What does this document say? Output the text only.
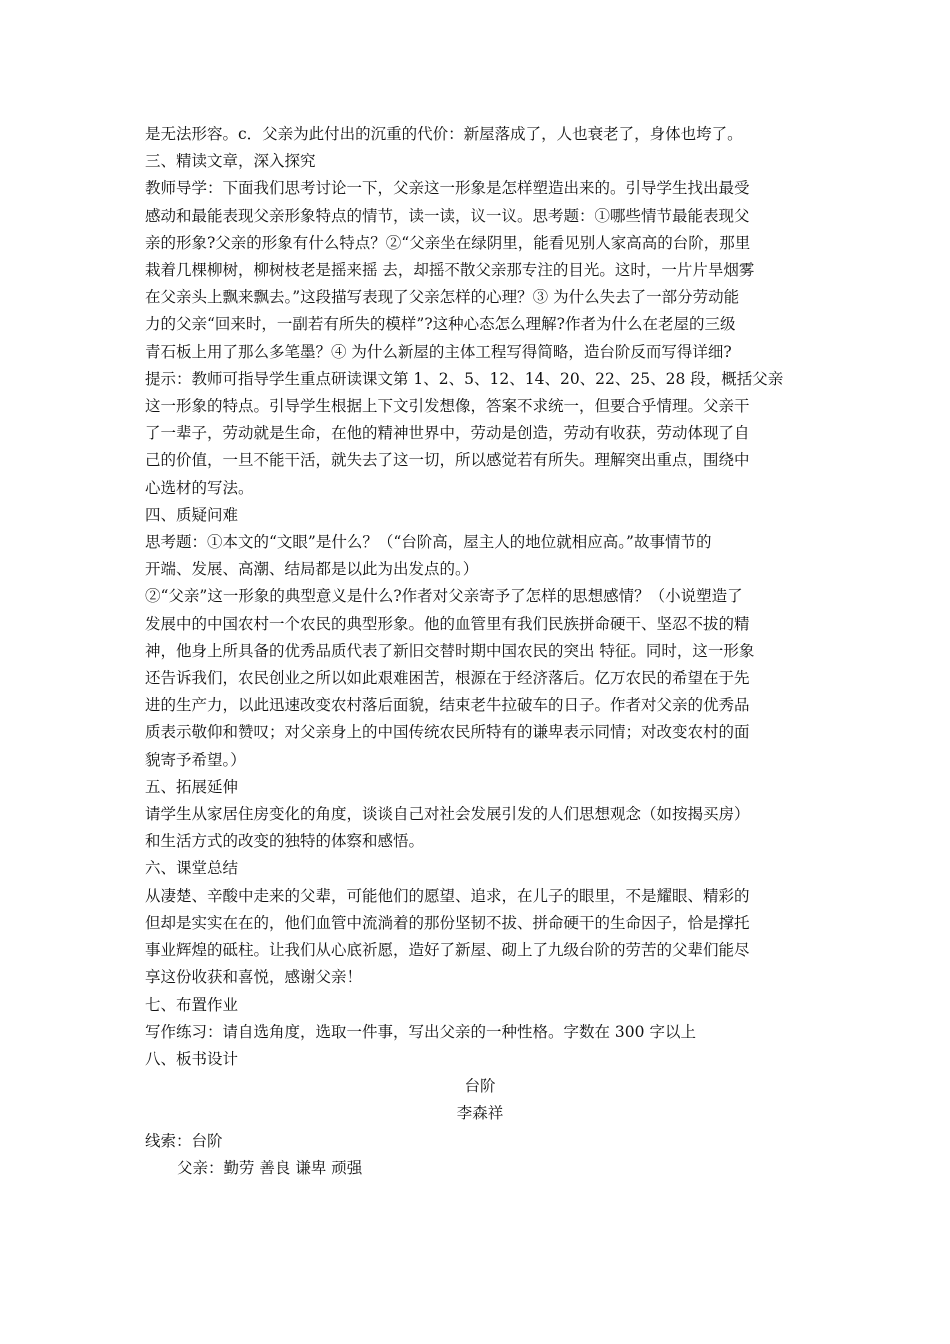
是无法形容。c．父亲为此付出的沉重的代价：新屋落成了，人也衰老了，身体也垮了。
三、精读文章，深入探究
教师导学：下面我们思考讨论一下，父亲这一形象是怎样塑造出来的。引导学生找出最受
感动和最能表现父亲形象特点的情节，读一读，议一议。思考题：①哪些情节最能表现父
亲的形象?父亲的形象有什么特点？②“父亲坐在绿阴里，能看见别人家高高的台阶，那里
栽着几棵柳树，柳树枝老是摇来摇 去，却摇不散父亲那专注的目光。这时，一片片旱烟雾
在父亲头上飘来飘去。”这段描写表现了父亲怎样的心理？③ 为什么失去了一部分劳动能
力的父亲“回来时，一副若有所失的模样”?这种心态怎么理解?作者为什么在老屋的三级
青石板上用了那么多笔墨？④ 为什么新屋的主体工程写得简略，造台阶反而写得详细?
提示：教师可指导学生重点研读课文第 1、2、5、12、14、20、22、25、28 段，概括父亲
这一形象的特点。引导学生根据上下文引发想像，答案不求统一，但要合乎情理。父亲干
了一辈子，劳动就是生命，在他的精神世界中，劳动是创造，劳动有收获，劳动体现了自
己的价值，一旦不能干活，就失去了这一切，所以感觉若有所失。理解突出重点，围绕中
心选材的写法。
四、质疑问难
思考题：①本文的“文眼”是什么？（“台阶高，屋主人的地位就相应高。”故事情节的
开端、发展、高潮、结局都是以此为出发点的。）
②“父亲”这一形象的典型意义是什么?作者对父亲寄予了怎样的思想感情？（小说塑造了
发展中的中国农村一个农民的典型形象。他的血管里有我们民族拼命硬干、坚忍不拔的精
神，他身上所具备的优秀品质代表了新旧交替时期中国农民的突出 特征。同时，这一形象
还告诉我们，农民创业之所以如此艰难困苦，根源在于经济落后。亿万农民的希望在于先
进的生产力，以此迅速改变农村落后面貌，结束老牛拉破车的日子。作者对父亲的优秀品
质表示敬仰和赞叹；对父亲身上的中国传统农民所特有的谦卑表示同情；对改变农村的面
貌寄予希望。）
五、拓展延伸
请学生从家居住房变化的角度，谈谈自己对社会发展引发的人们思想观念（如按揭买房）
和生活方式的改变的独特的体察和感悟。
六、课堂总结
从凄楚、辛酸中走来的父辈，可能他们的愿望、追求，在儿子的眼里，不是耀眼、精彩的
但却是实实在在的，他们血管中流淌着的那份坚韧不拔、拼命硬干的生命因子，恰是撑托
事业辉煌的砥柱。让我们从心底祈愿，造好了新屋、砌上了九级台阶的劳苦的父辈们能尽
享这份收获和喜悦，感谢父亲！
七、布置作业
写作练习：请自选角度，选取一件事，写出父亲的一种性格。字数在 300 字以上
八、板书设计
台阶
李森祥
线索：台阶
父亲：勤劳 善良 谦卑 顽强
